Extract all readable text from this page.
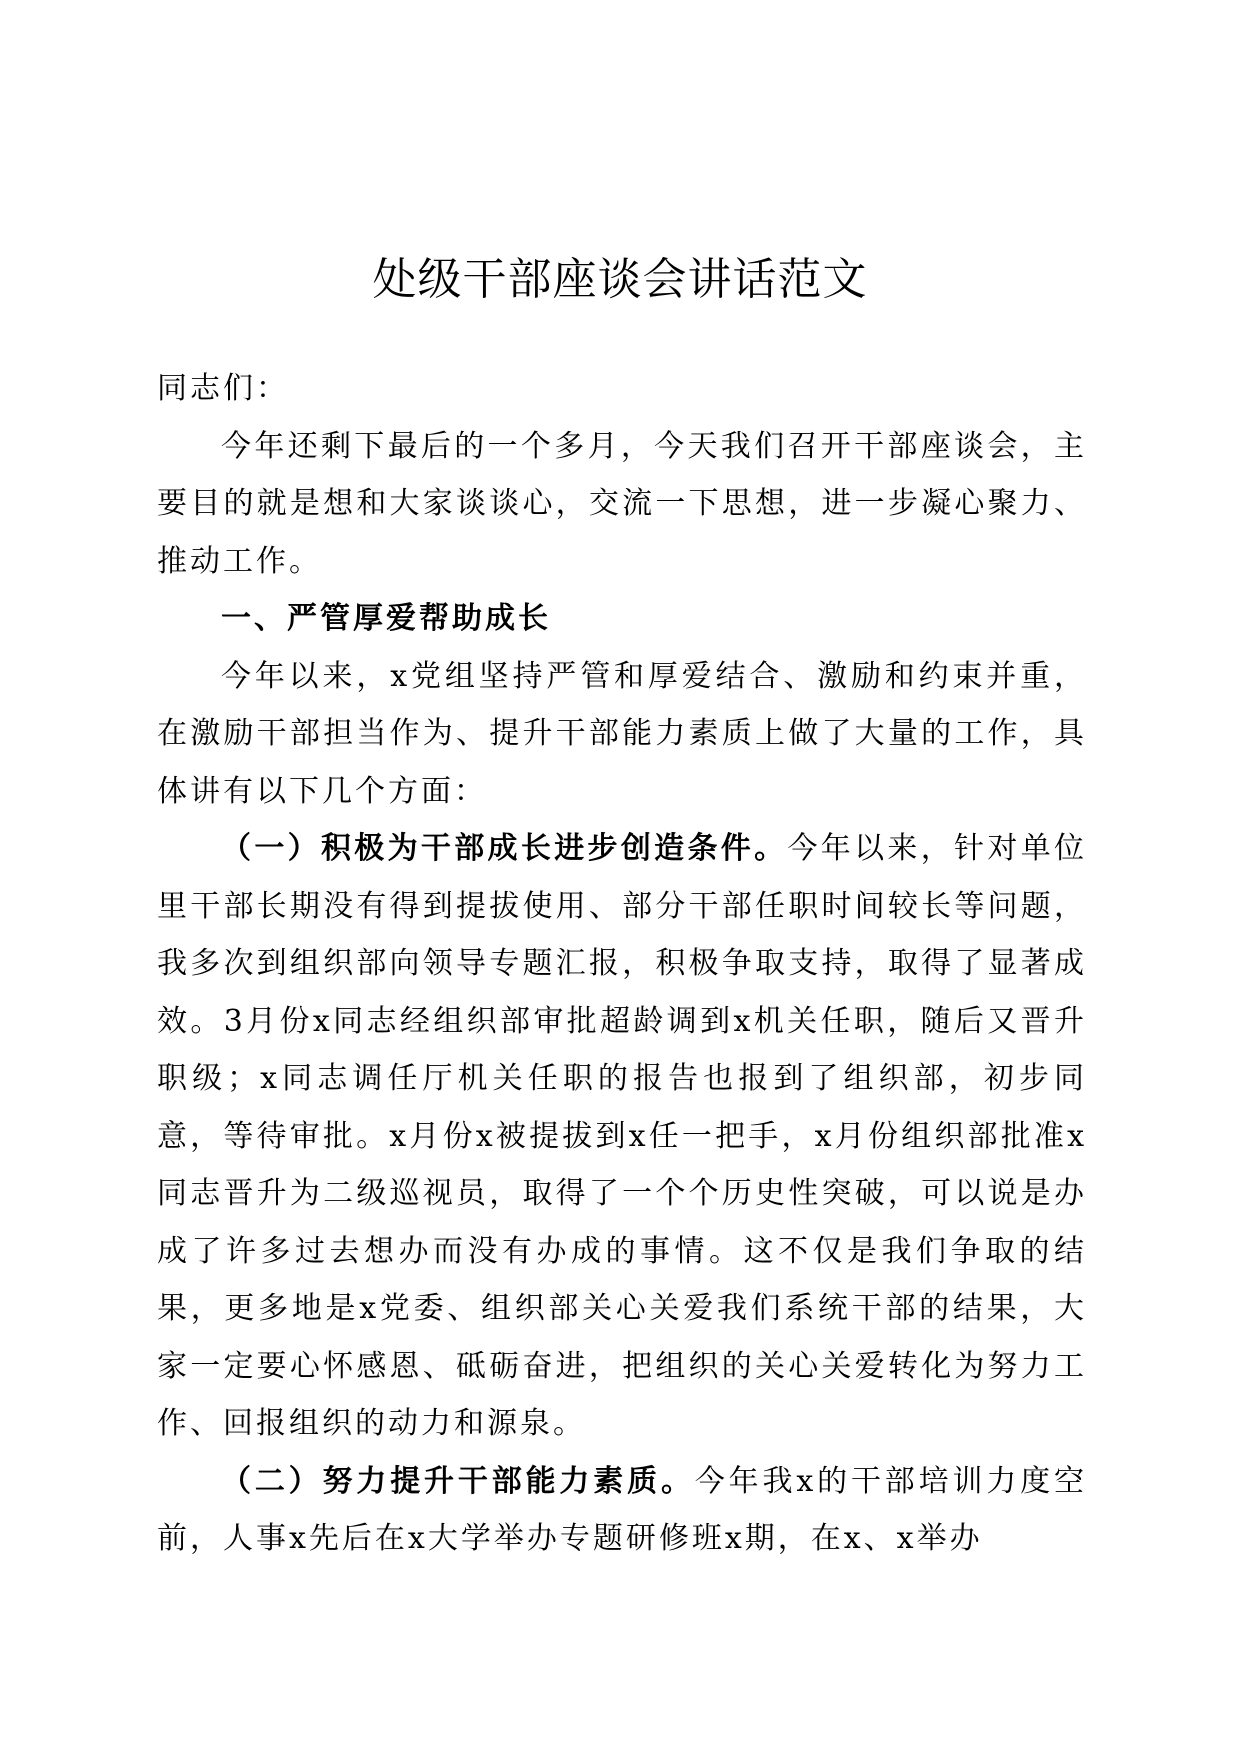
处级干部座谈会讲话范文

同志们：

今年还剩下最后的一个多月，今天我们召开干部座谈会，主要目的就是想和大家谈谈心，交流一下思想，进一步凝心聚力、推动工作。

一、严管厚爱帮助成长

今年以来，x党组坚持严管和厚爱结合、激励和约束并重，在激励干部担当作为、提升干部能力素质上做了大量的工作，具体讲有以下几个方面：

（一）积极为干部成长进步创造条件。今年以来，针对单位里干部长期没有得到提拔使用、部分干部任职时间较长等问题，我多次到组织部向领导专题汇报，积极争取支持，取得了显著成效。3月份x同志经组织部审批超龄调到x机关任职，随后又晋升职级；x同志调任厅机关任职的报告也报到了组织部，初步同意，等待审批。x月份x被提拔到x任一把手，x月份组织部批准x同志晋升为二级巡视员，取得了一个个历史性突破，可以说是办成了许多过去想办而没有办成的事情。这不仅是我们争取的结果，更多地是x党委、组织部关心关爱我们系统干部的结果，大家一定要心怀感恩、砥砺奋进，把组织的关心关爱转化为努力工作、回报组织的动力和源泉。

（二）努力提升干部能力素质。今年我x的干部培训力度空前，人事x先后在x大学举办专题研修班x期，在x、x举办
